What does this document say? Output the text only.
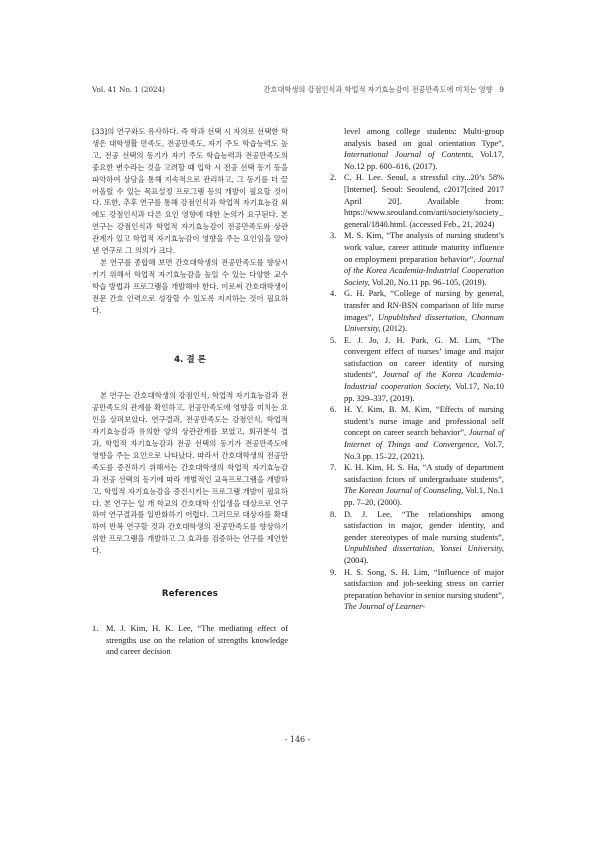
Vol. 41 No. 1 (2024)	간호대학생의 강점인식과 학업적 자기효능감이 전공만족도에 미치는 영향 9

[33]의 연구와도 유사하다. 즉 학과 선택 시 자의로 선택한 학생은 대학생활 만족도, 전공만족도, 자기 주도 학습능력도 높고, 전공 선택의 동기가 자기 주도 학습능력과 전공만족도의 중요한 변수라는 것을 고려할 때 입학 시 전공 선택 동기 등을 파악하여 상담을 통해 지속적으로 관리하고, 그 동기를 더 끌어올릴 수 있는 목표설정 프로그램 등의 개발이 필요할 것이다. 또한, 추후 연구를 통해 강점인식과 학업적 자기효능감 외에도 강점인식과 다른 요인 영향에 대한 논의가 요구된다. 본 연구는 강점인식과 학업적 자기효능감이 전공만족도와 상관관계가 있고 학업적 자기효능감이 영향을 주는 요인임을 알아낸 연구로 그 의의가 크다.

본 연구를 종합해 보면 간호대학생의 전공만족도를 향상시키기 위해서 학업적 자기효능감을 높일 수 있는 다양한 교수학습 방법과 프로그램을 개발해야 한다. 이로써 간호대학생이 전문 간호 인력으로 성장할 수 있도록 지지하는 것이 필요하다.

4. 결 론

본 연구는 간호대학생의 강점인식, 학업적 자기효능감과 전공만족도의 관계를 확인하고, 전공만족도에 영향을 미치는 요인을 살펴보았다. 연구결과, 전공만족도는 강점인식, 학업적 자기효능감과 유의한 양의 상관관계를 보였고, 회귀분석 결과, 학업적 자기효능감과 전공 선택의 동기가 전공만족도에 영향을 주는 요인으로 나타났다. 따라서 간호대학생의 전공만족도를 증진하기 위해서는 간호대학생의 학업적 자기효능감과 전공 선택의 동기에 따라 개별적인 교육프로그램을 개발하고, 학업적 자기효능감을 증진시키는 프로그램 개발이 필요하다. 본 연구는 일 개 학교의 간호대학 신입생을 대상으로 연구하여 연구결과를 일반화하기 어렵다. 그러므로 대상자를 확대하여 반복 연구할 것과 간호대학생의 전공만족도를 향상하기 위한 프로그램을 개발하고 그 효과를 검증하는 연구를 제언한다.

References
1. M. J. Kim, H. K. Lee, “The mediating effect of strengths use on the relation of strengths knowledge and career decision
level among college students: Multi-group analysis based on goal orientation Type”, International Journal of Contents, Vol.17, No.12 pp. 600–616, (2017).
2. C. H. Lee. Seoul, a stressful city...20’s 58%[Internet]. Seoul: Seoulend, c2017[cited 2017 April 20]. Available from: https://www.seouland.com/arti/society/society_general/1840.html. (accessed Feb., 21, 2024)
3. M. S. Kim, “The analysis of nursing student’s work value, career attitude maturity influence on employment preparation behavior”, Journal of the Korea Academia-Industrial Cooperation Society, Vol.20, No.11 pp. 96–105, (2019).
4. G. H. Park, “College of nursing by general, transfer and RN-BSN comparison of life nurse images”, Unpublished dissertation, Chonnam University, (2012).
5. E. J. Jo, J. H. Park, G. M. Lim, “The convergent effect of nurses’ image and major satisfaction on career identity of nursing students”, Journal of the Korea Academia-Industrial cooperation Society, Vol.17, No.10 pp. 329–337, (2019).
6. H. Y. Kim, B. M. Kim, “Effects of nursing student’s nurse image and professional self concept on career search behavior”, Journal of Internet of Things and Convergence, Vol.7, No.3 pp. 15–22, (2021).
7. K. H. Kim, H. S. Ha, “A study of department satisfaction fctors of undergraduate students”, The Korean Journal of Counseling, Vol.1, No.1 pp. 7–20, (2000).
8. D. J. Lee, “The relationships among satisfaction in major, gender identity, and gender stereotypes of male nursing students”, Unpublished dissertation, Yonsei University, (2004).
9. H. S. Song, S. H. Lim, “Influence of major satisfaction and job-seeking stress on carrier preparation behavior in senior nursing student”, The Journal of Learner-
- 146 -
